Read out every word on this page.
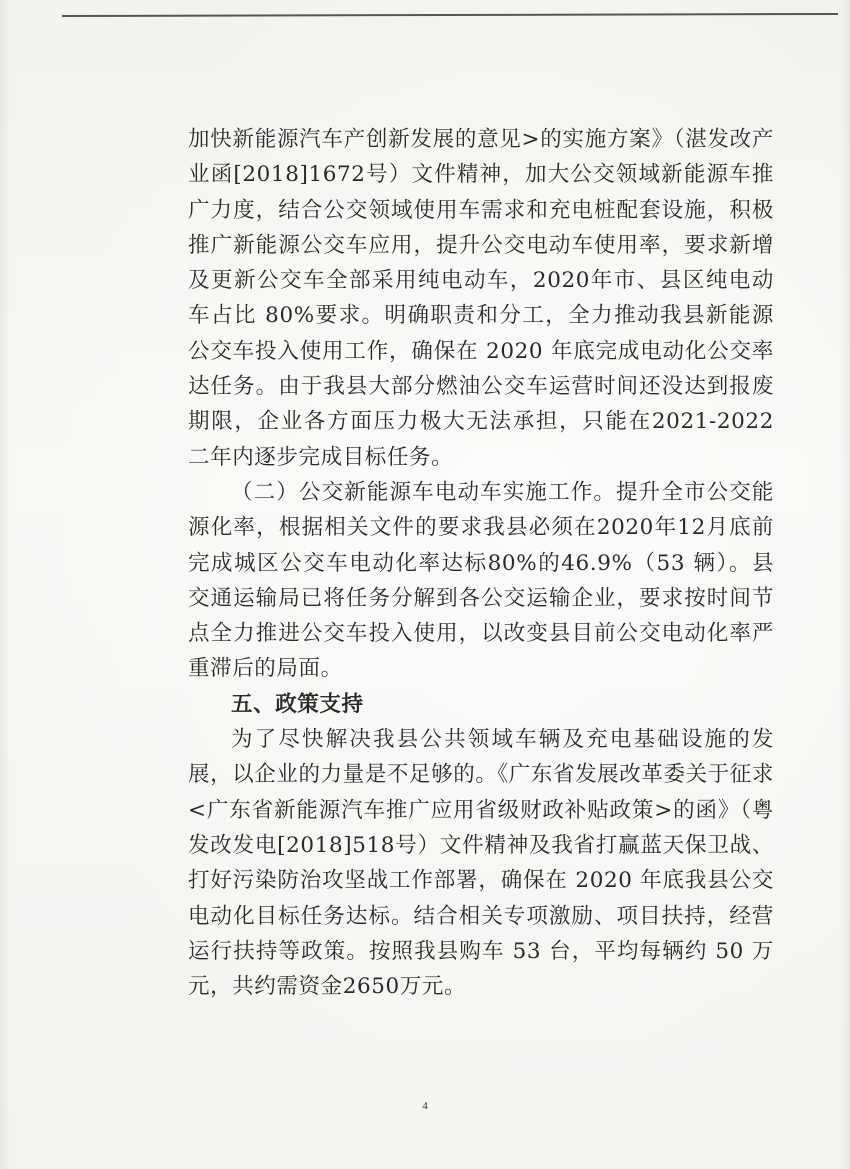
加快新能源汽车产创新发展的意见>的实施方案》（湛发改产业函[2018]1672号）文件精神，加大公交领域新能源车推广力度，结合公交领域使用车需求和充电桩配套设施，积极推广新能源公交车应用，提升公交电动车使用率，要求新增及更新公交车全部采用纯电动车，2020年市、县区纯电动车占比 80%要求。明确职责和分工，全力推动我县新能源公交车投入使用工作，确保在 2020 年底完成电动化公交率达任务。由于我县大部分燃油公交车运营时间还没达到报废期限，企业各方面压力极大无法承担，只能在2021-2022二年内逐步完成目标任务。

（二）公交新能源车电动车实施工作。提升全市公交能源化率，根据相关文件的要求我县必须在2020年12月底前完成城区公交车电动化率达标80%的46.9%（53 辆）。县交通运输局已将任务分解到各公交运输企业，要求按时间节点全力推进公交车投入使用，以改变县目前公交电动化率严重滞后的局面。

五、政策支持

为了尽快解决我县公共领域车辆及充电基础设施的发展，以企业的力量是不足够的。《广东省发展改革委关于征求<广东省新能源汽车推广应用省级财政补贴政策>的函》（粤发改发电[2018]518号）文件精神及我省打赢蓝天保卫战、打好污染防治攻坚战工作部署，确保在 2020 年底我县公交电动化目标任务达标。结合相关专项激励、项目扶持，经营运行扶持等政策。按照我县购车 53 台，平均每辆约 50 万元，共约需资金2650万元。

4
